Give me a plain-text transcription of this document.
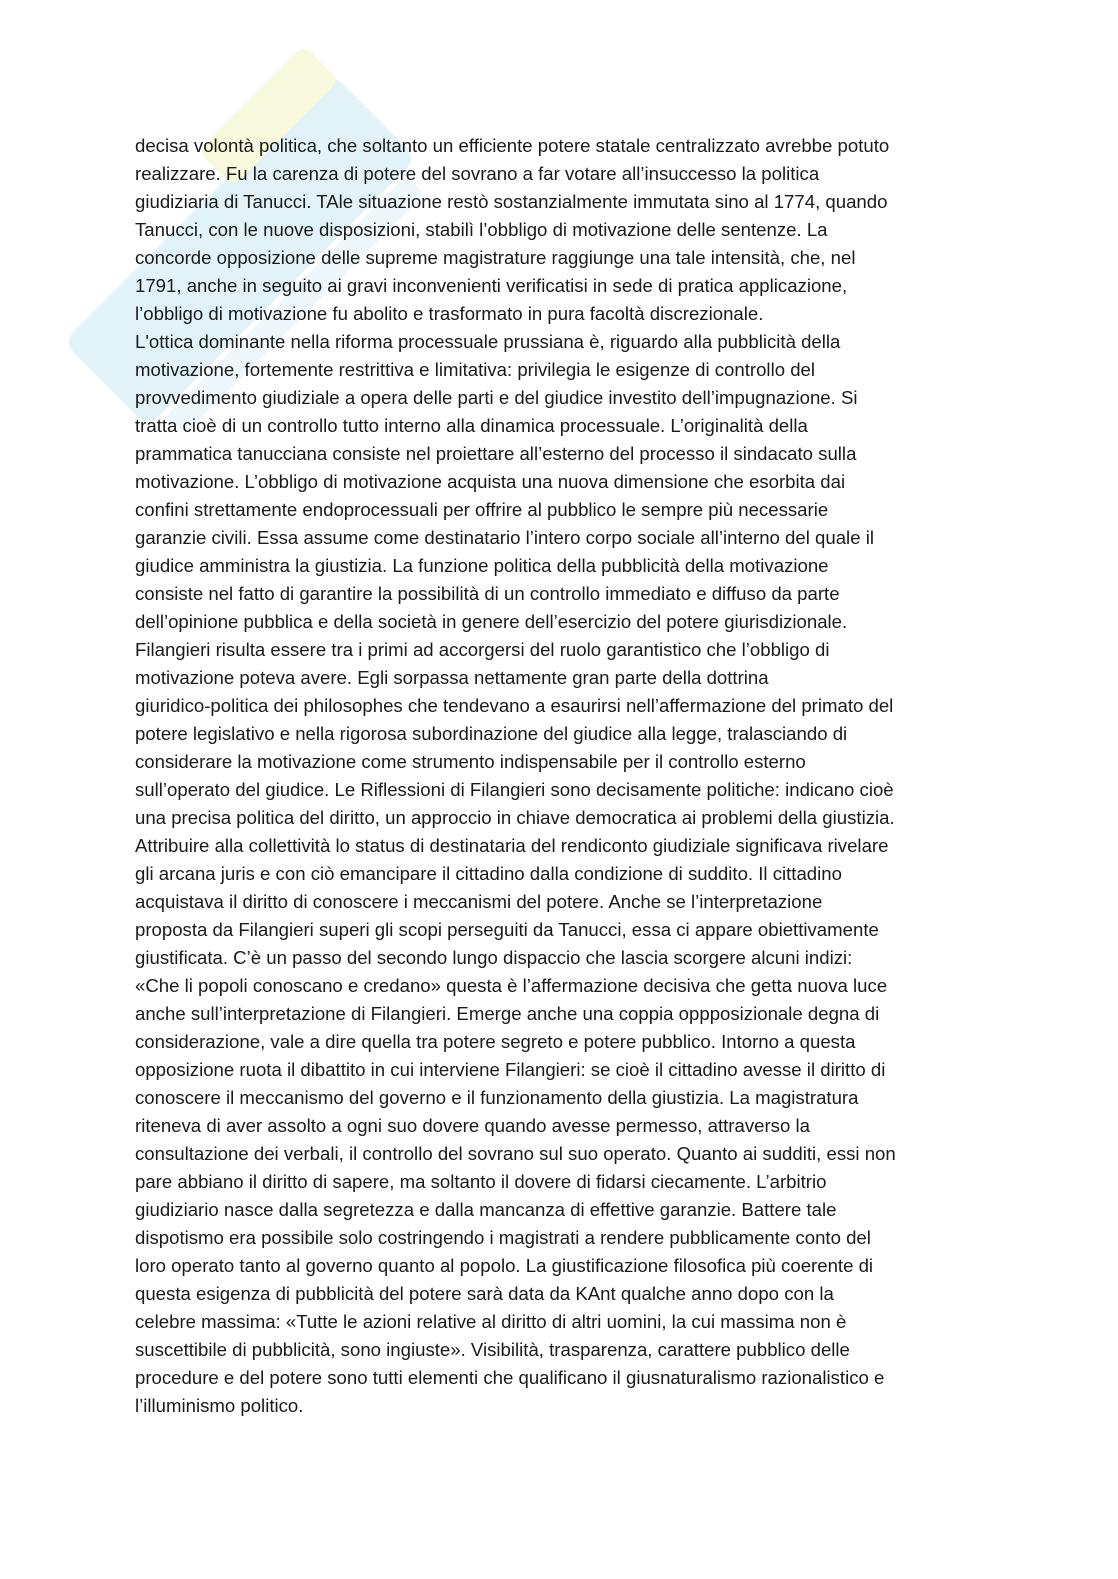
decisa volontà politica, che soltanto un efficiente potere statale centralizzato avrebbe potuto
realizzare. Fu la carenza di potere del sovrano a far votare all’insuccesso la politica
giudiziaria di Tanucci. TAle situazione restò sostanzialmente immutata sino al 1774, quando
Tanucci, con le nuove disposizioni, stabilì l’obbligo di motivazione delle sentenze. La
concorde opposizione delle supreme magistrature raggiunge una tale intensità, che, nel
1791, anche in seguito ai gravi inconvenienti verificatisi in sede di pratica applicazione,
l’obbligo di motivazione fu abolito e trasformato in pura facoltà discrezionale.
L'ottica dominante nella riforma processuale prussiana è, riguardo alla pubblicità della
motivazione, fortemente restrittiva e limitativa: privilegia le esigenze di controllo del
provvedimento giudiziale a opera delle parti e del giudice investito dell’impugnazione. Si
tratta cioè di un controllo tutto interno alla dinamica processuale. L’originalità della
prammatica tanucciana consiste nel proiettare all’esterno del processo il sindacato sulla
motivazione. L’obbligo di motivazione acquista una nuova dimensione che esorbita dai
confini strettamente endoprocessuali per offrire al pubblico le sempre più necessarie
garanzie civili. Essa assume come destinatario l’intero corpo sociale all’interno del quale il
giudice amministra la giustizia. La funzione politica della pubblicità della motivazione
consiste nel fatto di garantire la possibilità di un controllo immediato e diffuso da parte
dell’opinione pubblica e della società in genere dell’esercizio del potere giurisdizionale.
Filangieri risulta essere tra i primi ad accorgersi del ruolo garantistico che l’obbligo di
motivazione poteva avere. Egli sorpassa nettamente gran parte della dottrina
giuridico-politica dei philosophes che tendevano a esaurirsi nell’affermazione del primato del
potere legislativo e nella rigorosa subordinazione del giudice alla legge, tralasciando di
considerare la motivazione come strumento indispensabile per il controllo esterno
sull’operato del giudice. Le Riflessioni di Filangieri sono decisamente politiche: indicano cioè
una precisa politica del diritto, un approccio in chiave democratica ai problemi della giustizia.
Attribuire alla collettività lo status di destinataria del rendiconto giudiziale significava rivelare
gli arcana juris e con ciò emancipare il cittadino dalla condizione di suddito. Il cittadino
acquistava il diritto di conoscere i meccanismi del potere. Anche se l’interpretazione
proposta da Filangieri superi gli scopi perseguiti da Tanucci, essa ci appare obiettivamente
giustificata. C’è un passo del secondo lungo dispaccio che lascia scorgere alcuni indizi:
«Che li popoli conoscano e credano» questa è l’affermazione decisiva che getta nuova luce
anche sull’interpretazione di Filangieri. Emerge anche una coppia oppposizionale degna di
considerazione, vale a dire quella tra potere segreto e potere pubblico. Intorno a questa
opposizione ruota il dibattito in cui interviene Filangieri: se cioè il cittadino avesse il diritto di
conoscere il meccanismo del governo e il funzionamento della giustizia. La magistratura
riteneva di aver assolto a ogni suo dovere quando avesse permesso, attraverso la
consultazione dei verbali, il controllo del sovrano sul suo operato. Quanto ai sudditi, essi non
pare abbiano il diritto di sapere, ma soltanto il dovere di fidarsi ciecamente. L’arbitrio
giudiziario nasce dalla segretezza e dalla mancanza di effettive garanzie. Battere tale
dispotismo era possibile solo costringendo i magistrati a rendere pubblicamente conto del
loro operato tanto al governo quanto al popolo. La giustificazione filosofica più coerente di
questa esigenza di pubblicità del potere sarà data da KAnt qualche anno dopo con la
celebre massima: «Tutte le azioni relative al diritto di altri uomini, la cui massima non è
suscettibile di pubblicità, sono ingiuste». Visibilità, trasparenza, carattere pubblico delle
procedure e del potere sono tutti elementi che qualificano il giusnaturalismo razionalistico e
l’illuminismo politico.
